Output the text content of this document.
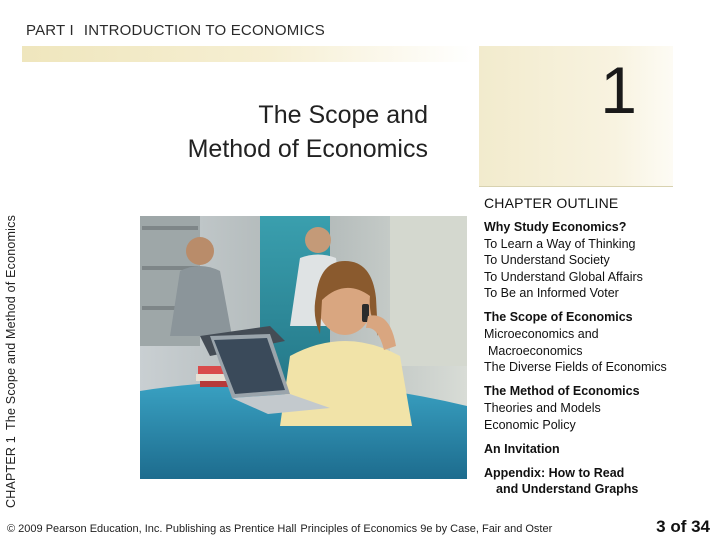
PART I INTRODUCTION TO ECONOMICS
CHAPTER 1The Scope and Method of Economics
1
The Scope and
Method of Economics
CHAPTER OUTLINE
Why Study Economics?
To Learn a Way of Thinking
To Understand Society
To Understand Global Affairs
To Be an Informed Voter
The Scope of Economics
Microeconomics and
Macroeconomics
The Diverse Fields of Economics
The Method of Economics
Theories and Models
Economic Policy
An Invitation
Appendix: How to Read
and Understand Graphs
© 2009 Pearson Education, Inc. Publishing as Prentice Hall Principles of Economics 9e by Case, Fair and Oster	3 of 34
